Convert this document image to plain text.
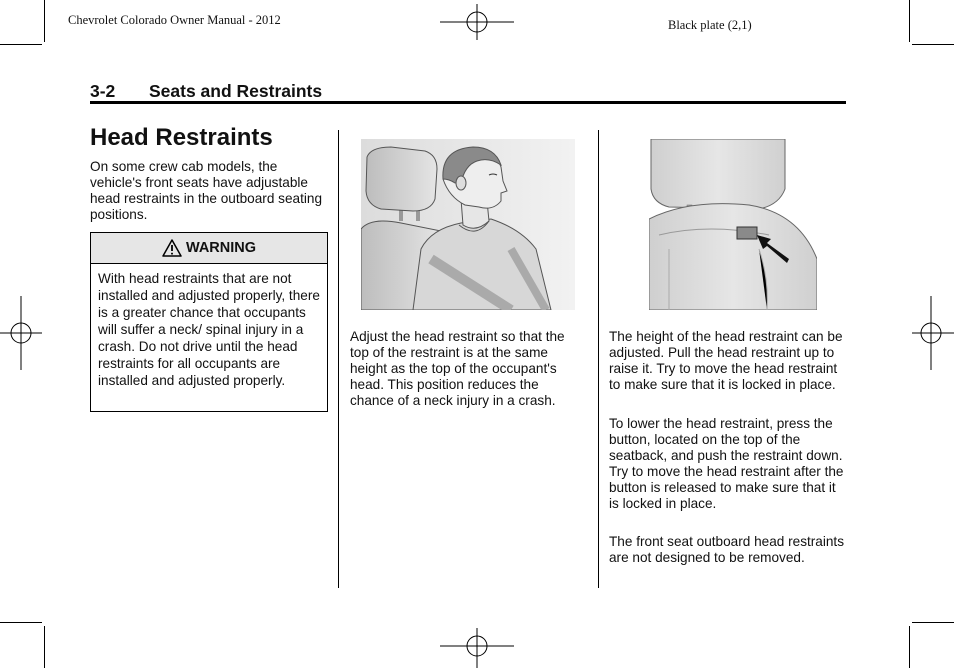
Chevrolet Colorado Owner Manual - 2012	Black plate (2,1)
3-2 Seats and Restraints
Head Restraints

On some crew cab models, the vehicle's front seats have adjustable head restraints in the outboard seating positions.

WARNING
With head restraints that are not installed and adjusted properly, there is a greater chance that occupants will suffer a neck/ spinal injury in a crash. Do not drive until the head restraints for all occupants are installed and adjusted properly.

Adjust the head restraint so that the top of the restraint is at the same height as the top of the occupant's head. This position reduces the chance of a neck injury in a crash.

The height of the head restraint can be adjusted. Pull the head restraint up to raise it. Try to move the head restraint to make sure that it is locked in place.

To lower the head restraint, press the button, located on the top of the seatback, and push the restraint down. Try to move the head restraint after the button is released to make sure that it is locked in place.

The front seat outboard head restraints are not designed to be removed.
